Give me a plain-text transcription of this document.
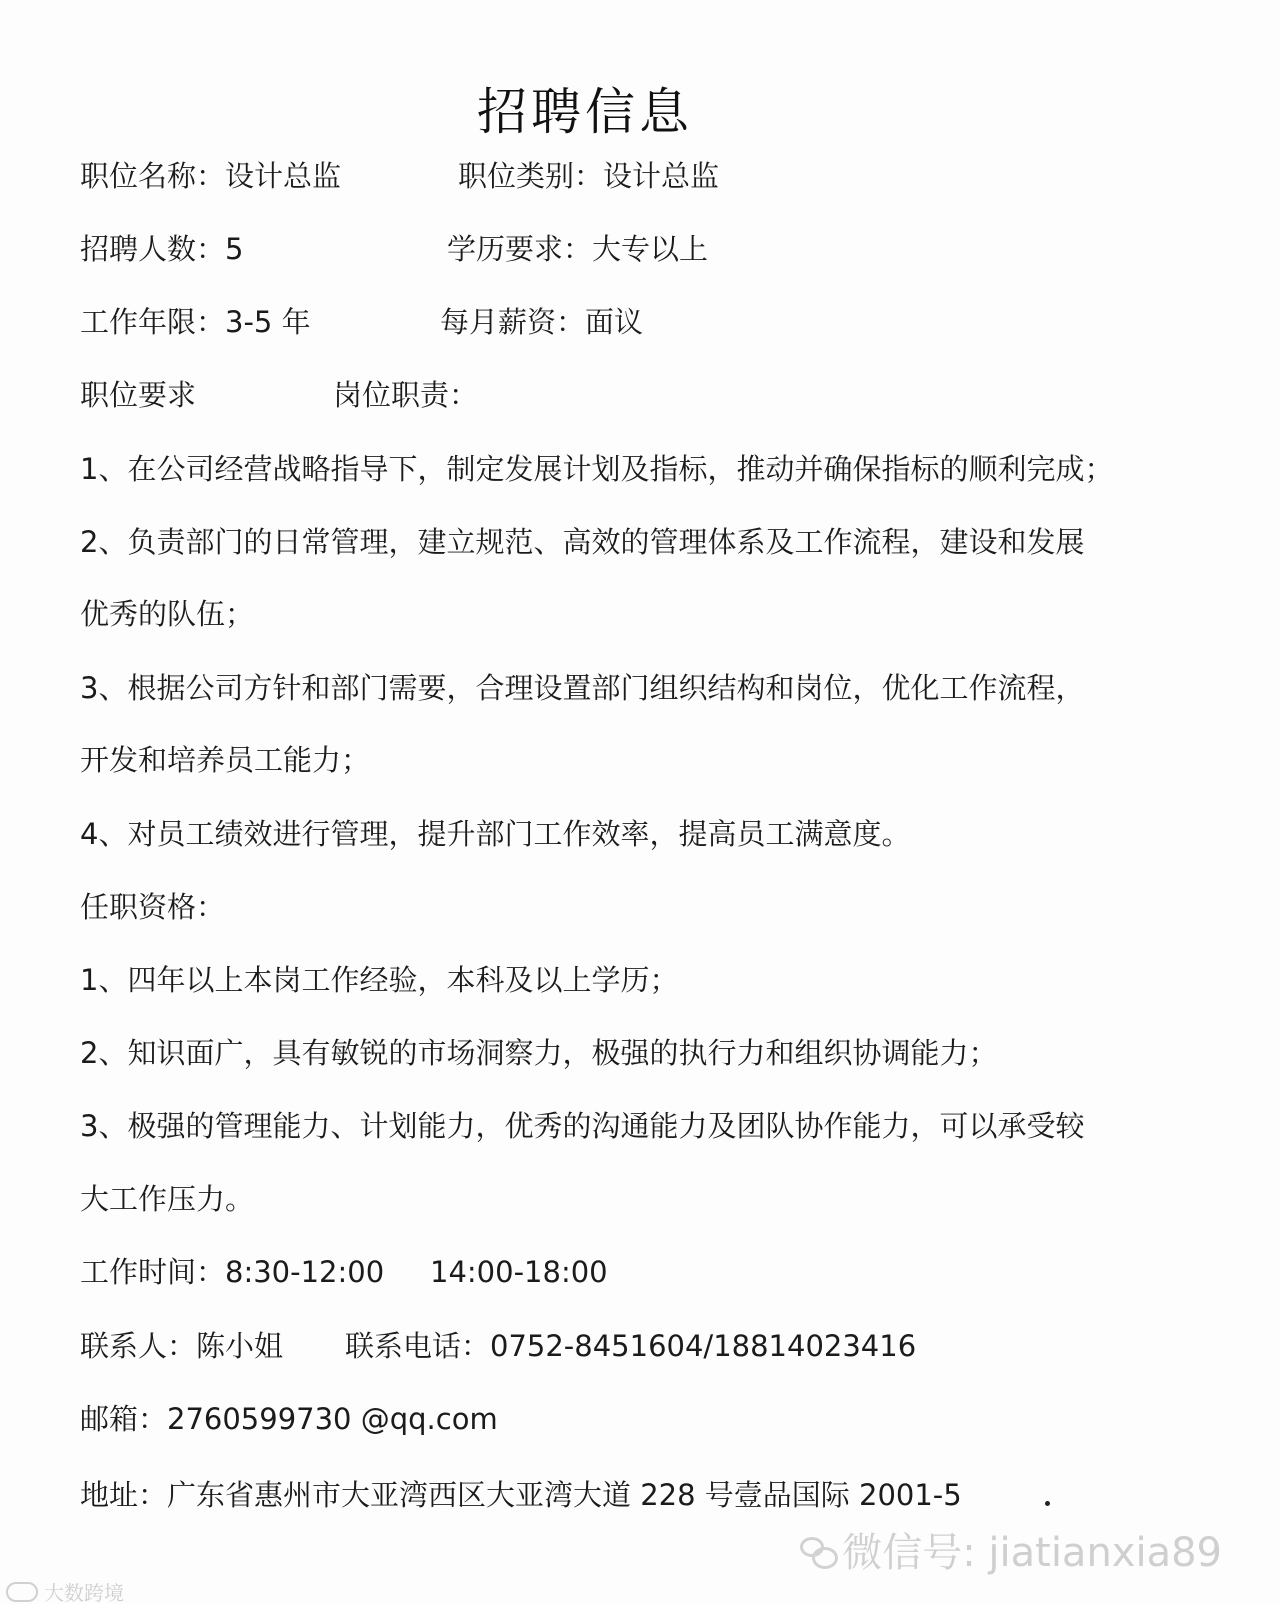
招聘信息
职位名称：设计总监	职位类别：设计总监
招聘人数：5	学历要求：大专以上
工作年限：3-5 年	每月薪资：面议
职位要求	岗位职责：
1、在公司经营战略指导下，制定发展计划及指标，推动并确保指标的顺利完成；
2、负责部门的日常管理，建立规范、高效的管理体系及工作流程，建设和发展
优秀的队伍；
3、根据公司方针和部门需要，合理设置部门组织结构和岗位，优化工作流程，
开发和培养员工能力；
4、对员工绩效进行管理，提升部门工作效率，提高员工满意度。
任职资格：
1、四年以上本岗工作经验，本科及以上学历；
2、知识面广，具有敏锐的市场洞察力，极强的执行力和组织协调能力；
3、极强的管理能力、计划能力，优秀的沟通能力及团队协作能力，可以承受较
大工作压力。
工作时间：8:30-12:00 14:00-18:00
联系人：陈小姐 联系电话：0752-8451604/18814023416
邮箱：2760599730 @qq.com
地址：广东省惠州市大亚湾西区大亚湾大道 228 号壹品国际 2001-5
微信号: jiatianxia89
大数跨境
